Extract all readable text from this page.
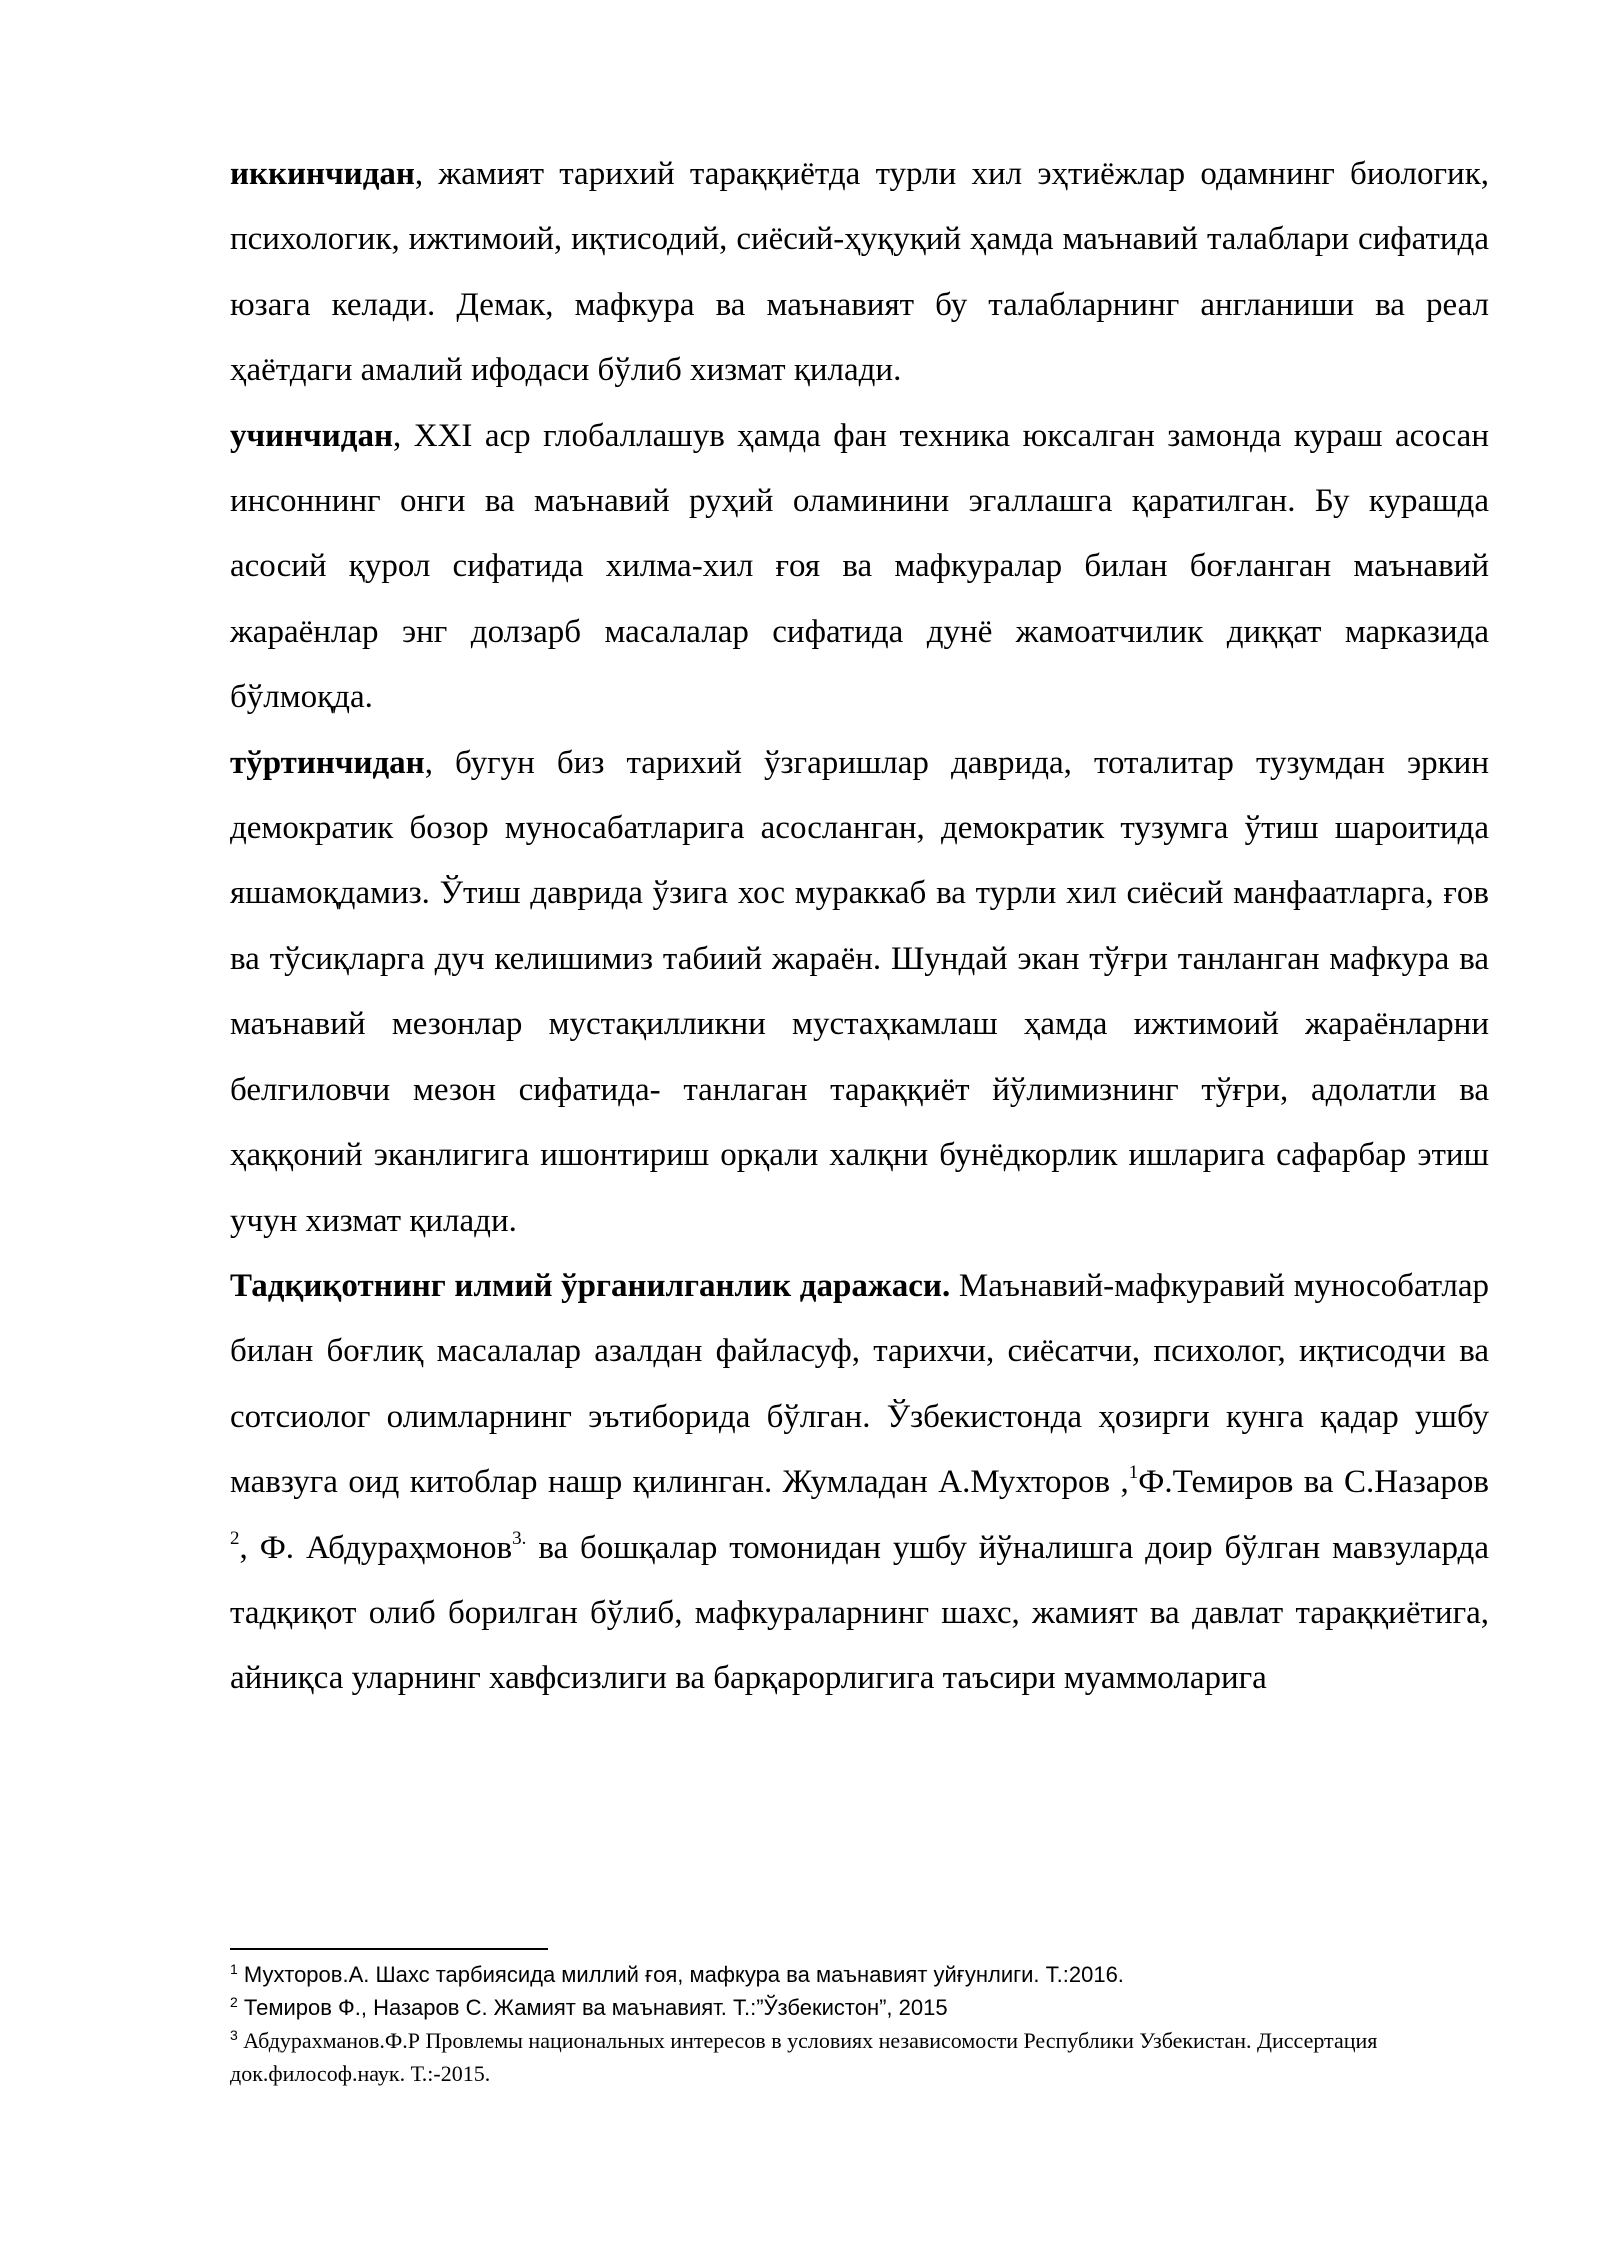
иккинчидан, жамият тарихий тараққиётда турли хил эҳтиёжлар одамнинг биологик, психологик, ижтимоий, иқтисодий, сиёсий-ҳуқуқий ҳамда маънавий талаблари сифатида юзага келади. Демак, мафкура ва маънавият бу талабларнинг англаниши ва реал ҳаётдаги амалий ифодаси бўлиб хизмат қилади.

учинчидан, XXI аср глобаллашув ҳамда фан техника юксалган замонда кураш асосан инсоннинг онги ва маънавий руҳий оламинини эгаллашга қаратилган. Бу курашда асосий қурол сифатида хилма-хил ғоя ва мафкуралар билан боғланган маънавий жараёнлар энг долзарб масалалар сифатида дунё жамоатчилик диққат марказида бўлмоқда.

тўртинчидан, бугун биз тарихий ўзгаришлар даврида, тоталитар тузумдан эркин демократик бозор муносабатларига асосланган, демократик тузумга ўтиш шароитида яшамоқдамиз. Ўтиш даврида ўзига хос мураккаб ва турли хил сиёсий манфаатларга, ғов ва тўсиқларга дуч келишимиз табиий жараён. Шундай экан тўғри танланган мафкура ва маънавий мезонлар мустақилликни мустаҳкамлаш ҳамда ижтимоий жараёнларни белгиловчи мезон сифатида- танлаган тараққиёт йўлимизнинг тўғри, адолатли ва ҳаққоний эканлигига ишонтириш орқали халқни бунёдкорлик ишларига сафарбар этиш учун хизмат қилади.

Тадқиқотнинг илмий ўрганилганлик даражаси. Маънавий-мафкуравий мунособатлар билан боғлиқ масалалар азалдан файласуф, тарихчи, сиёсатчи, психолог, иқтисодчи ва сотсиолог олимларнинг эътиборида бўлган. Ўзбекистонда ҳозирги кунга қадар ушбу мавзуга оид китоблар нашр қилинган. Жумладан А.Мухторов ,$^1$Ф.Темиров ва С.Назаров $^2$, Ф. Абдураҳмонов$^{3.}$ ва бошқалар томонидан ушбу йўналишга доир бўлган мавзуларда тадқиқот олиб борилган бўлиб, мафкураларнинг шахс, жамият ва давлат тараққиётига, айниқса уларнинг хавфсизлиги ва барқарорлигига таъсири муаммоларига

$^1$ Мухторов.А. Шахс тарбиясида миллий ғоя, мафкура ва маънавият уйғунлиги. Т.:2016.

$^2$ Темиров Ф., Назаров С. Жамият ва маънавият. Т.:”Ўзбекистон”, 2015

$^3$ Абдурахманов.Ф.Р Провлемы национальных интересов в условиях независомости Республики Узбекистан. Диссертация док.философ.наук. Т.:-2015.
